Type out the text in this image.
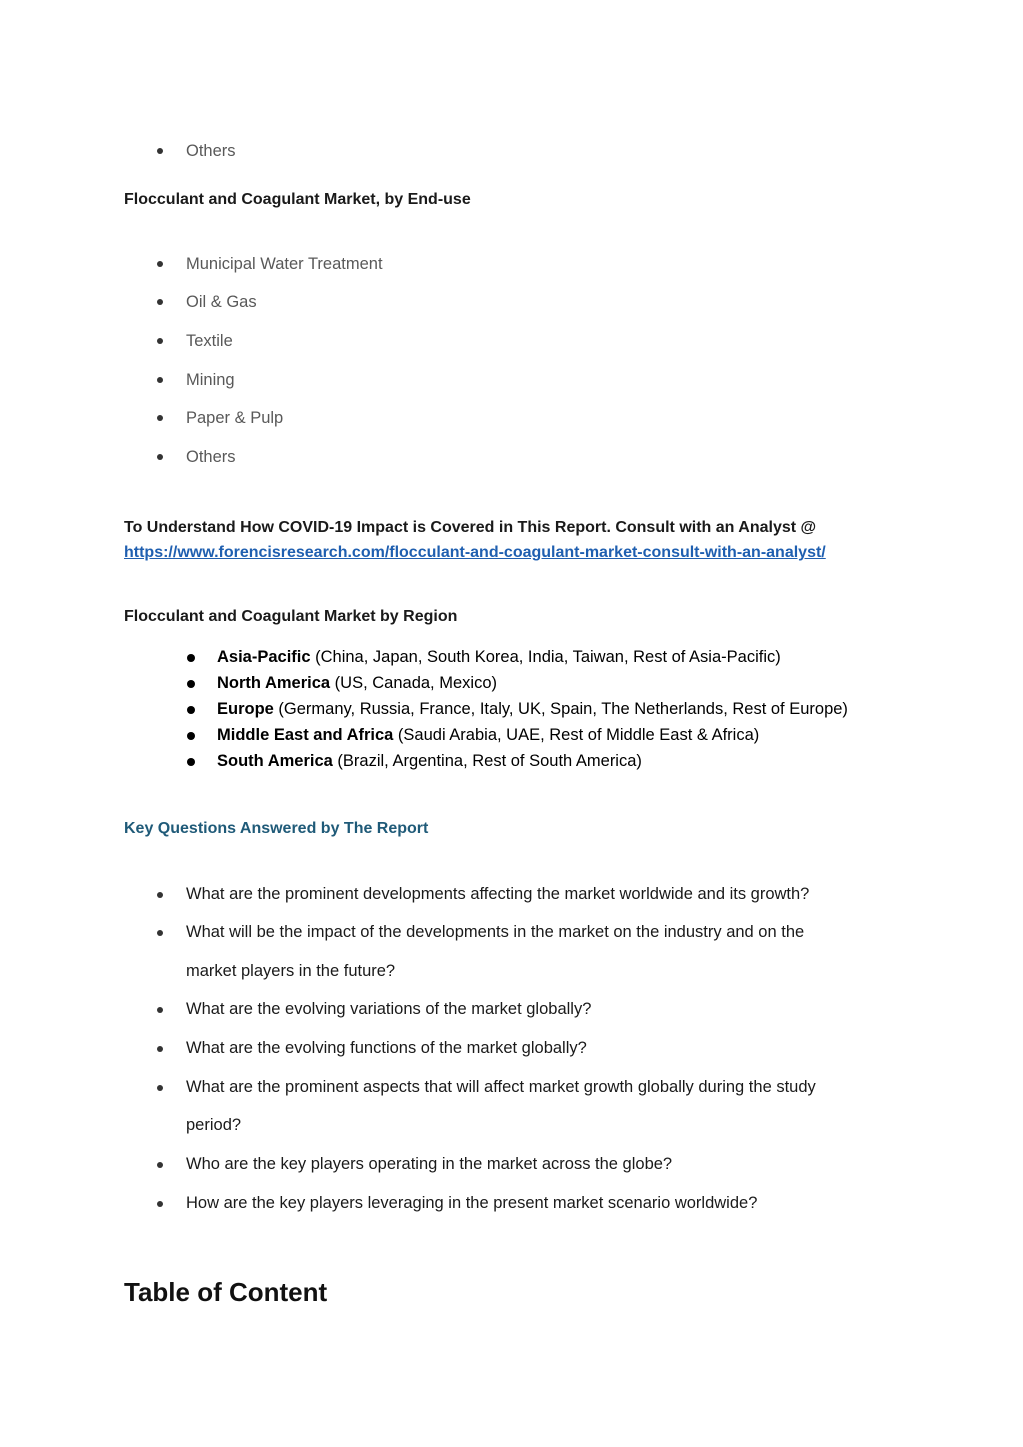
Others
Flocculant and Coagulant Market, by End-use
Municipal Water Treatment
Oil & Gas
Textile
Mining
Paper & Pulp
Others
To Understand How COVID-19 Impact is Covered in This Report. Consult with an Analyst @
https://www.forencisresearch.com/flocculant-and-coagulant-market-consult-with-an-analyst/
Flocculant and Coagulant Market by Region
Asia-Pacific (China, Japan, South Korea, India, Taiwan, Rest of Asia-Pacific)
North America (US, Canada, Mexico)
Europe (Germany, Russia, France, Italy, UK, Spain, The Netherlands, Rest of Europe)
Middle East and Africa (Saudi Arabia, UAE, Rest of Middle East & Africa)
South America (Brazil, Argentina, Rest of South America)
Key Questions Answered by The Report
What are the prominent developments affecting the market worldwide and its growth?
What will be the impact of the developments in the market on the industry and on the
market players in the future?
What are the evolving variations of the market globally?
What are the evolving functions of the market globally?
What are the prominent aspects that will affect market growth globally during the study
period?
Who are the key players operating in the market across the globe?
How are the key players leveraging in the present market scenario worldwide?
Table of Content
